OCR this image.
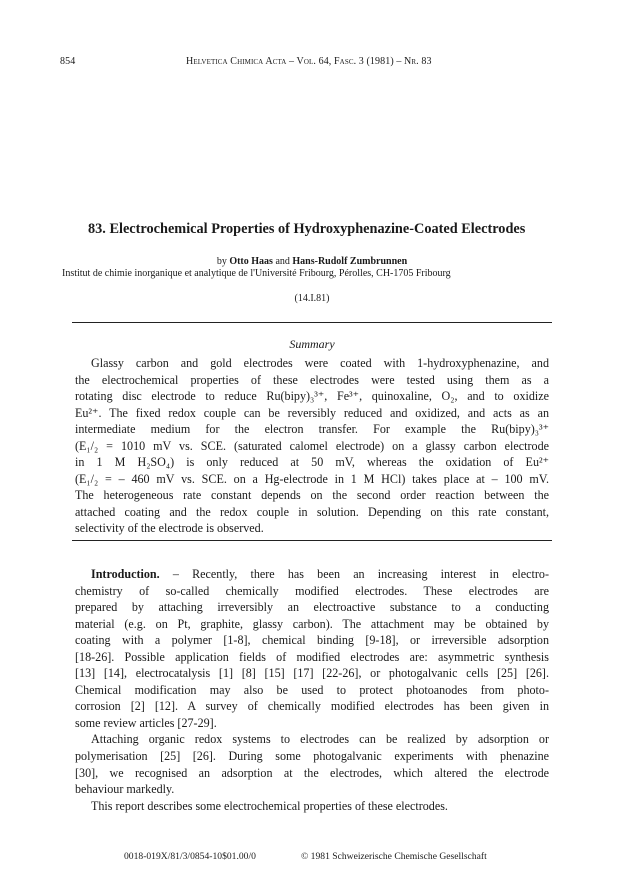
854	Helvetica Chimica Acta – Vol. 64, Fasc. 3 (1981) – Nr. 83
83. Electrochemical Properties of Hydroxyphenazine-Coated Electrodes
by Otto Haas and Hans-Rudolf Zumbrunnen
Institut de chimie inorganique et analytique de l'Université Fribourg, Pérolles, CH-1705 Fribourg
(14.I.81)
Summary
Glassy carbon and gold electrodes were coated with 1-hydroxyphenazine, and
the electrochemical properties of these electrodes were tested using them as a
rotating disc electrode to reduce Ru(bipy)₃³⁺, Fe³⁺, quinoxaline, O₂, and to oxidize
Eu²⁺. The fixed redox couple can be reversibly reduced and oxidized, and acts as an
intermediate medium for the electron transfer. For example the Ru(bipy)₃³⁺
(E₁/₂ = 1010 mV vs. SCE. (saturated calomel electrode) on a glassy carbon electrode
in 1 M H₂SO₄) is only reduced at 50 mV, whereas the oxidation of Eu²⁺
(E₁/₂ = – 460 mV vs. SCE. on a Hg-electrode in 1 M HCl) takes place at – 100 mV.
The heterogeneous rate constant depends on the second order reaction between the
attached coating and the redox couple in solution. Depending on this rate constant,
selectivity of the electrode is observed.
Introduction. – Recently, there has been an increasing interest in electro-
chemistry of so-called chemically modified electrodes. These electrodes are
prepared by attaching irreversibly an electroactive substance to a conducting
material (e.g. on Pt, graphite, glassy carbon). The attachment may be obtained by
coating with a polymer [1-8], chemical binding [9-18], or irreversible adsorption
[18-26]. Possible application fields of modified electrodes are: asymmetric synthesis
[13] [14], electrocatalysis [1] [8] [15] [17] [22-26], or photogalvanic cells [25] [26].
Chemical modification may also be used to protect photoanodes from photo-
corrosion [2] [12]. A survey of chemically modified electrodes has been given in
some review articles [27-29].
Attaching organic redox systems to electrodes can be realized by adsorption or
polymerisation [25] [26]. During some photogalvanic experiments with phenazine
[30], we recognised an adsorption at the electrodes, which altered the electrode
behaviour markedly.
This report describes some electrochemical properties of these electrodes.
0018-019X/81/3/0854-10$01.00/0	© 1981 Schweizerische Chemische Gesellschaft
